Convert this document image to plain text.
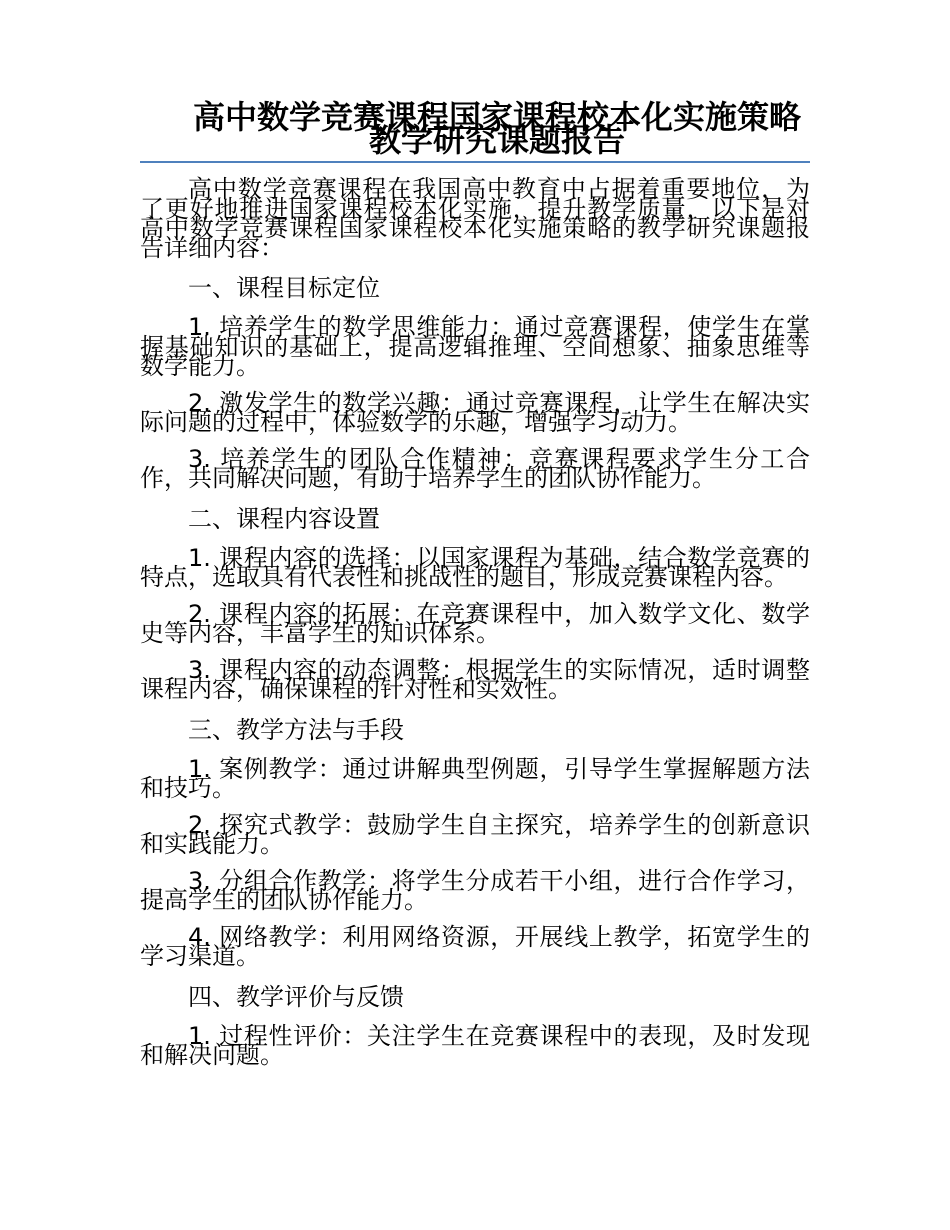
高中数学竞赛课程国家课程校本化实施策略教学研究课题报告

高中数学竞赛课程在我国高中教育中占据着重要地位，为了更好地推进国家课程校本化实施，提升教学质量，以下是对高中数学竞赛课程国家课程校本化实施策略的教学研究课题报告详细内容：

一、课程目标定位

1. 培养学生的数学思维能力：通过竞赛课程，使学生在掌握基础知识的基础上，提高逻辑推理、空间想象、抽象思维等数学能力。

2. 激发学生的数学兴趣：通过竞赛课程，让学生在解决实际问题的过程中，体验数学的乐趣，增强学习动力。

3. 培养学生的团队合作精神：竞赛课程要求学生分工合作，共同解决问题，有助于培养学生的团队协作能力。

二、课程内容设置

1. 课程内容的选择：以国家课程为基础，结合数学竞赛的特点，选取具有代表性和挑战性的题目，形成竞赛课程内容。

2. 课程内容的拓展：在竞赛课程中，加入数学文化、数学史等内容，丰富学生的知识体系。

3. 课程内容的动态调整：根据学生的实际情况，适时调整课程内容，确保课程的针对性和实效性。

三、教学方法与手段

1. 案例教学：通过讲解典型例题，引导学生掌握解题方法和技巧。

2. 探究式教学：鼓励学生自主探究，培养学生的创新意识和实践能力。

3. 分组合作教学：将学生分成若干小组，进行合作学习，提高学生的团队协作能力。

4. 网络教学：利用网络资源，开展线上教学，拓宽学生的学习渠道。

四、教学评价与反馈

1. 过程性评价：关注学生在竞赛课程中的表现，及时发现和解决问题。
